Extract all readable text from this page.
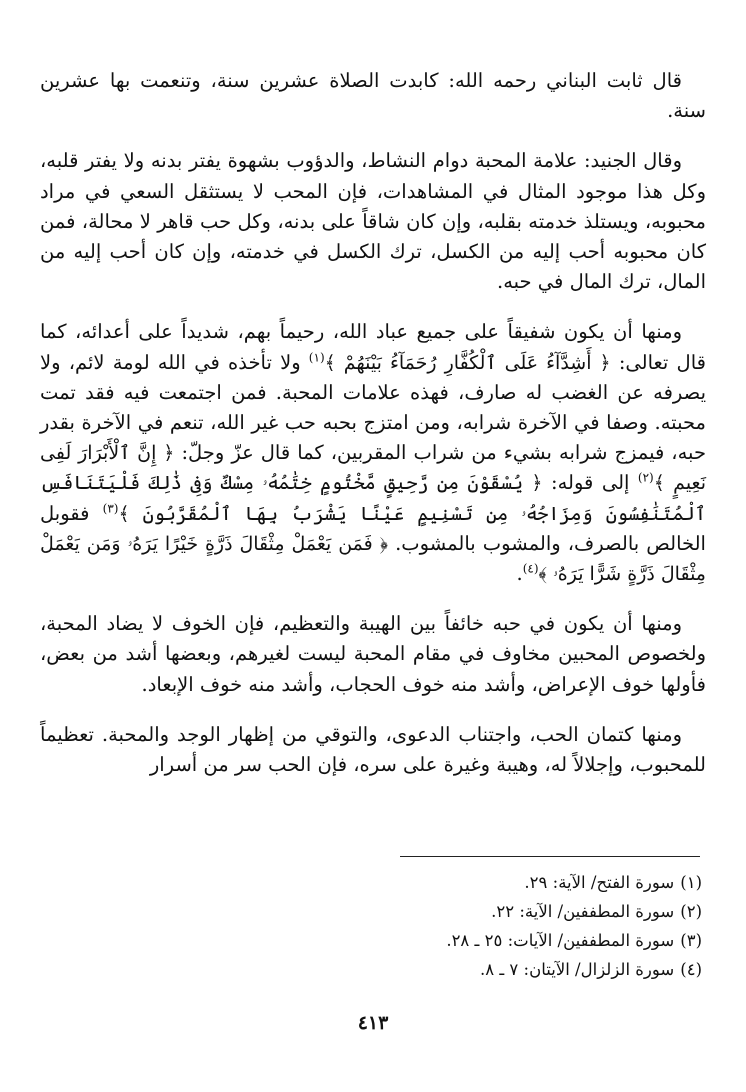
قال ثابت البناني رحمه الله: كابدت الصلاة عشرين سنة، وتنعمت بها عشرين سنة.

وقال الجنيد: علامة المحبة دوام النشاط، والدؤوب بشهوة يفتر بدنه ولا يفتر قلبه، وكل هذا موجود المثال في المشاهدات، فإن المحب لا يستثقل السعي في مراد محبوبه، ويستلذ خدمته بقلبه، وإن كان شاقاً على بدنه، وكل حب قاهر لا محالة، فمن كان محبوبه أحب إليه من الكسل، ترك الكسل في خدمته، وإن كان أحب إليه من المال، ترك المال في حبه.

ومنها أن يكون شفيقاً على جميع عباد الله، رحيماً بهم، شديداً على أعدائه، كما قال تعالى: ﴿ أَشِدَّآءُ عَلَى ٱلْكُفَّارِ رُحَمَآءُ بَيْنَهُمْ ﴾$^{(١)}$ ولا تأخذه في الله لومة لائم، ولا يصرفه عن الغضب له صارف، فهذه علامات المحبة. فمن اجتمعت فيه فقد تمت محبته. وصفا في الآخرة شرابه، ومن امتزج بحبه حب غير الله، تنعم في الآخرة بقدر حبه، فيمزج شرابه بشيء من شراب المقربين، كما قال عزّ وجلّ: ﴿ إِنَّ ٱلْأَبْرَارَ لَفِى نَعِيمٍ ﴾$^{(٢)}$ إلى قوله: ﴿ يُسْقَوْنَ مِن رَّحِيقٍ مَّخْتُومٍ خِتَٰمُهُۥ مِسْكٌ وَفِى ذَٰلِكَ فَلْيَتَنَافَسِ ٱلْمُتَنَٰفِسُونَ وَمِزَاجُهُۥ مِن تَسْنِيمٍ عَيْنًا يَشْرَبُ بِهَا ٱلْمُقَرَّبُونَ ﴾$^{(٣)}$ فقوبل الخالص بالصرف، والمشوب بالمشوب. ﴿ فَمَن يَعْمَلْ مِثْقَالَ ذَرَّةٍ خَيْرًا يَرَهُۥ وَمَن يَعْمَلْ مِثْقَالَ ذَرَّةٍ شَرًّا يَرَهُۥ ﴾$^{(٤)}$.

ومنها أن يكون في حبه خائفاً بين الهيبة والتعظيم، فإن الخوف لا يضاد المحبة، ولخصوص المحبين مخاوف في مقام المحبة ليست لغيرهم، وبعضها أشد من بعض، فأولها خوف الإعراض، وأشد منه خوف الحجاب، وأشد منه خوف الإبعاد.

ومنها كتمان الحب، واجتناب الدعوى، والتوقي من إظهار الوجد والمحبة. تعظيماً للمحبوب، وإجلالاً له، وهيبة وغيرة على سره، فإن الحب سر من أسرار

(١)سورة الفتح/ الآية: ٢٩.
(٢)سورة المطففين/ الآية: ٢٢.
(٣)سورة المطففين/ الآيات: ٢٥ ـ ٢٨.
(٤)سورة الزلزال/ الآيتان: ٧ ـ ٨.
٤١٣
